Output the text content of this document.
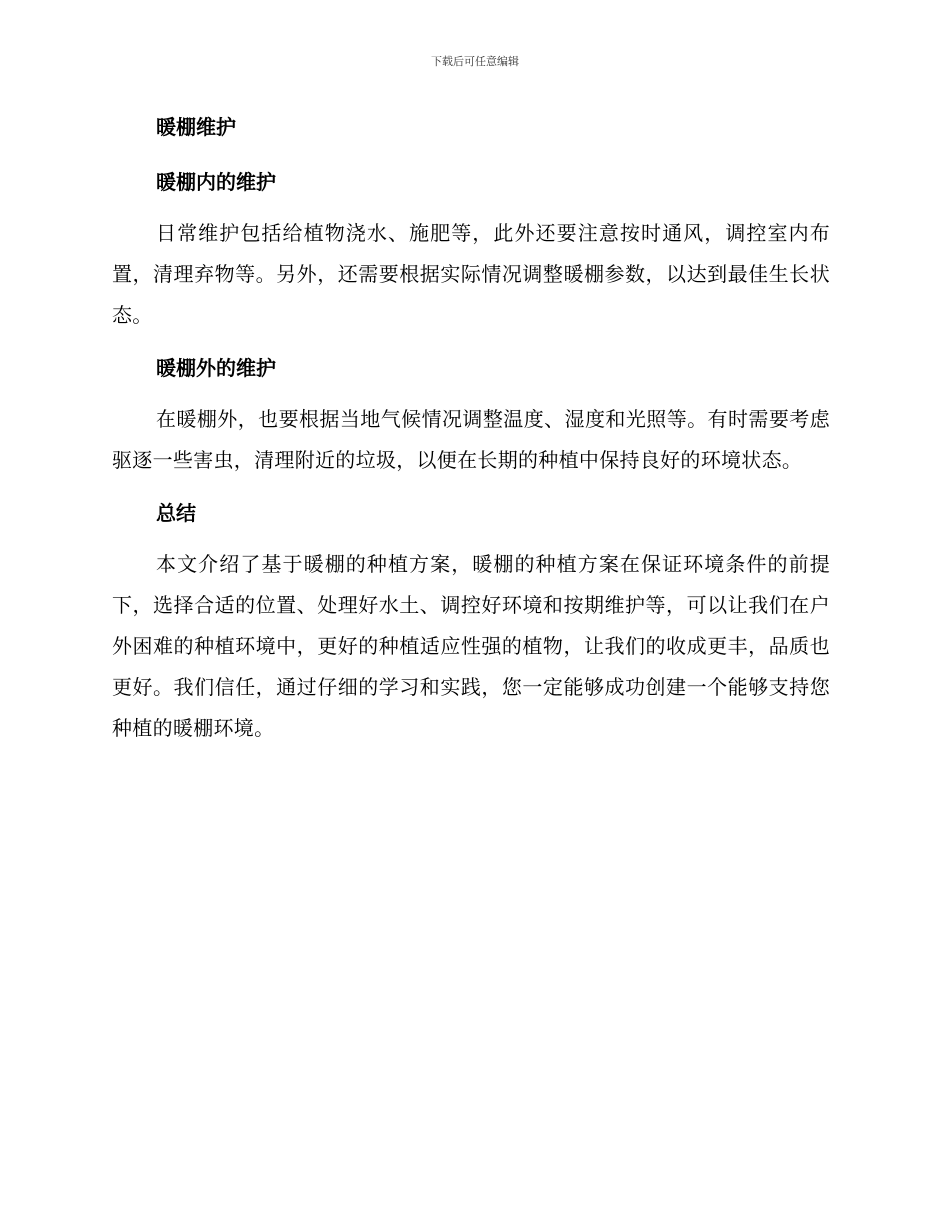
下载后可任意编辑
暖棚维护
暖棚内的维护

日常维护包括给植物浇水、施肥等，此外还要注意按时通风，调控室内布置，清理弃物等。另外，还需要根据实际情况调整暖棚参数，以达到最佳生长状态。

暖棚外的维护

在暖棚外，也要根据当地气候情况调整温度、湿度和光照等。有时需要考虑驱逐一些害虫，清理附近的垃圾，以便在长期的种植中保持良好的环境状态。

总结

本文介绍了基于暖棚的种植方案，暖棚的种植方案在保证环境条件的前提下，选择合适的位置、处理好水土、调控好环境和按期维护等，可以让我们在户外困难的种植环境中，更好的种植适应性强的植物，让我们的收成更丰，品质也更好。我们信任，通过仔细的学习和实践，您一定能够成功创建一个能够支持您种植的暖棚环境。
